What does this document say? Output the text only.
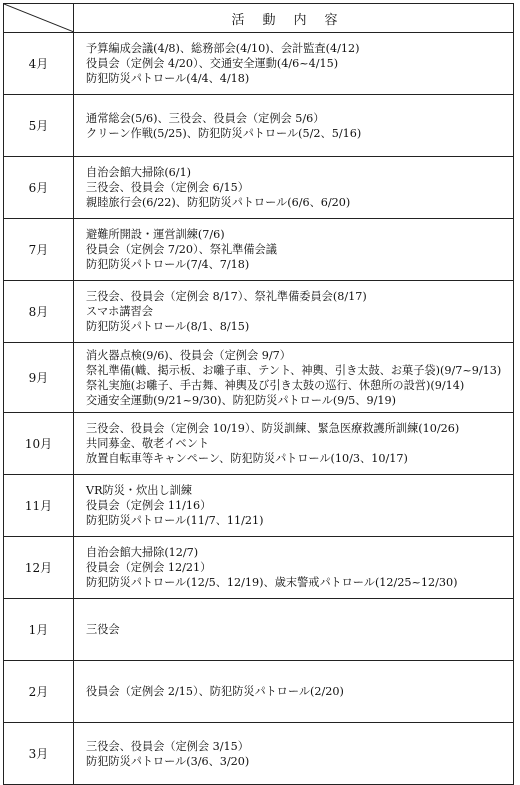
	活動内容
4月	予算編成会議(4/8)、総務部会(4/10)、会計監査(4/12)
役員会（定例会 4/20）、交通安全運動(4/6~4/15)
防犯防災パトロール(4/4、4/18)

5月	通常総会(5/6)、三役会、役員会（定例会 5/6）
クリーン作戦(5/25)、防犯防災パトロール(5/2、5/16)

6月	自治会館大掃除(6/1)
三役会、役員会（定例会 6/15）
親睦旅行会(6/22)、防犯防災パトロール(6/6、6/20)

7月	避難所開設・運営訓練(7/6)
役員会（定例会 7/20）、祭礼準備会議
防犯防災パトロール(7/4、7/18)

8月	三役会、役員会（定例会 8/17）、祭礼準備委員会(8/17)
スマホ講習会
防犯防災パトロール(8/1、8/15)

9月	消火器点検(9/6)、役員会（定例会 9/7）
祭礼準備(幟、掲示板、お囃子車、テント、神輿、引き太鼓、お菓子袋)(9/7~9/13)
祭礼実施(お囃子、手古舞、神輿及び引き太鼓の巡行、休憩所の設営)(9/14)
交通安全運動(9/21~9/30)、防犯防災パトロール(9/5、9/19)

10月	三役会、役員会（定例会 10/19）、防災訓練、緊急医療救護所訓練(10/26)
共同募金、敬老イベント
放置自転車等キャンペーン、防犯防災パトロール(10/3、10/17)

11月	VR防災・炊出し訓練
役員会（定例会 11/16）
防犯防災パトロール(11/7、11/21)

12月	自治会館大掃除(12/7)
役員会（定例会 12/21）
防犯防災パトロール(12/5、12/19)、歳末警戒パトロール(12/25~12/30)

1月	三役会

2月	役員会（定例会 2/15）、防犯防災パトロール(2/20)

3月	三役会、役員会（定例会 3/15）
防犯防災パトロール(3/6、3/20)
